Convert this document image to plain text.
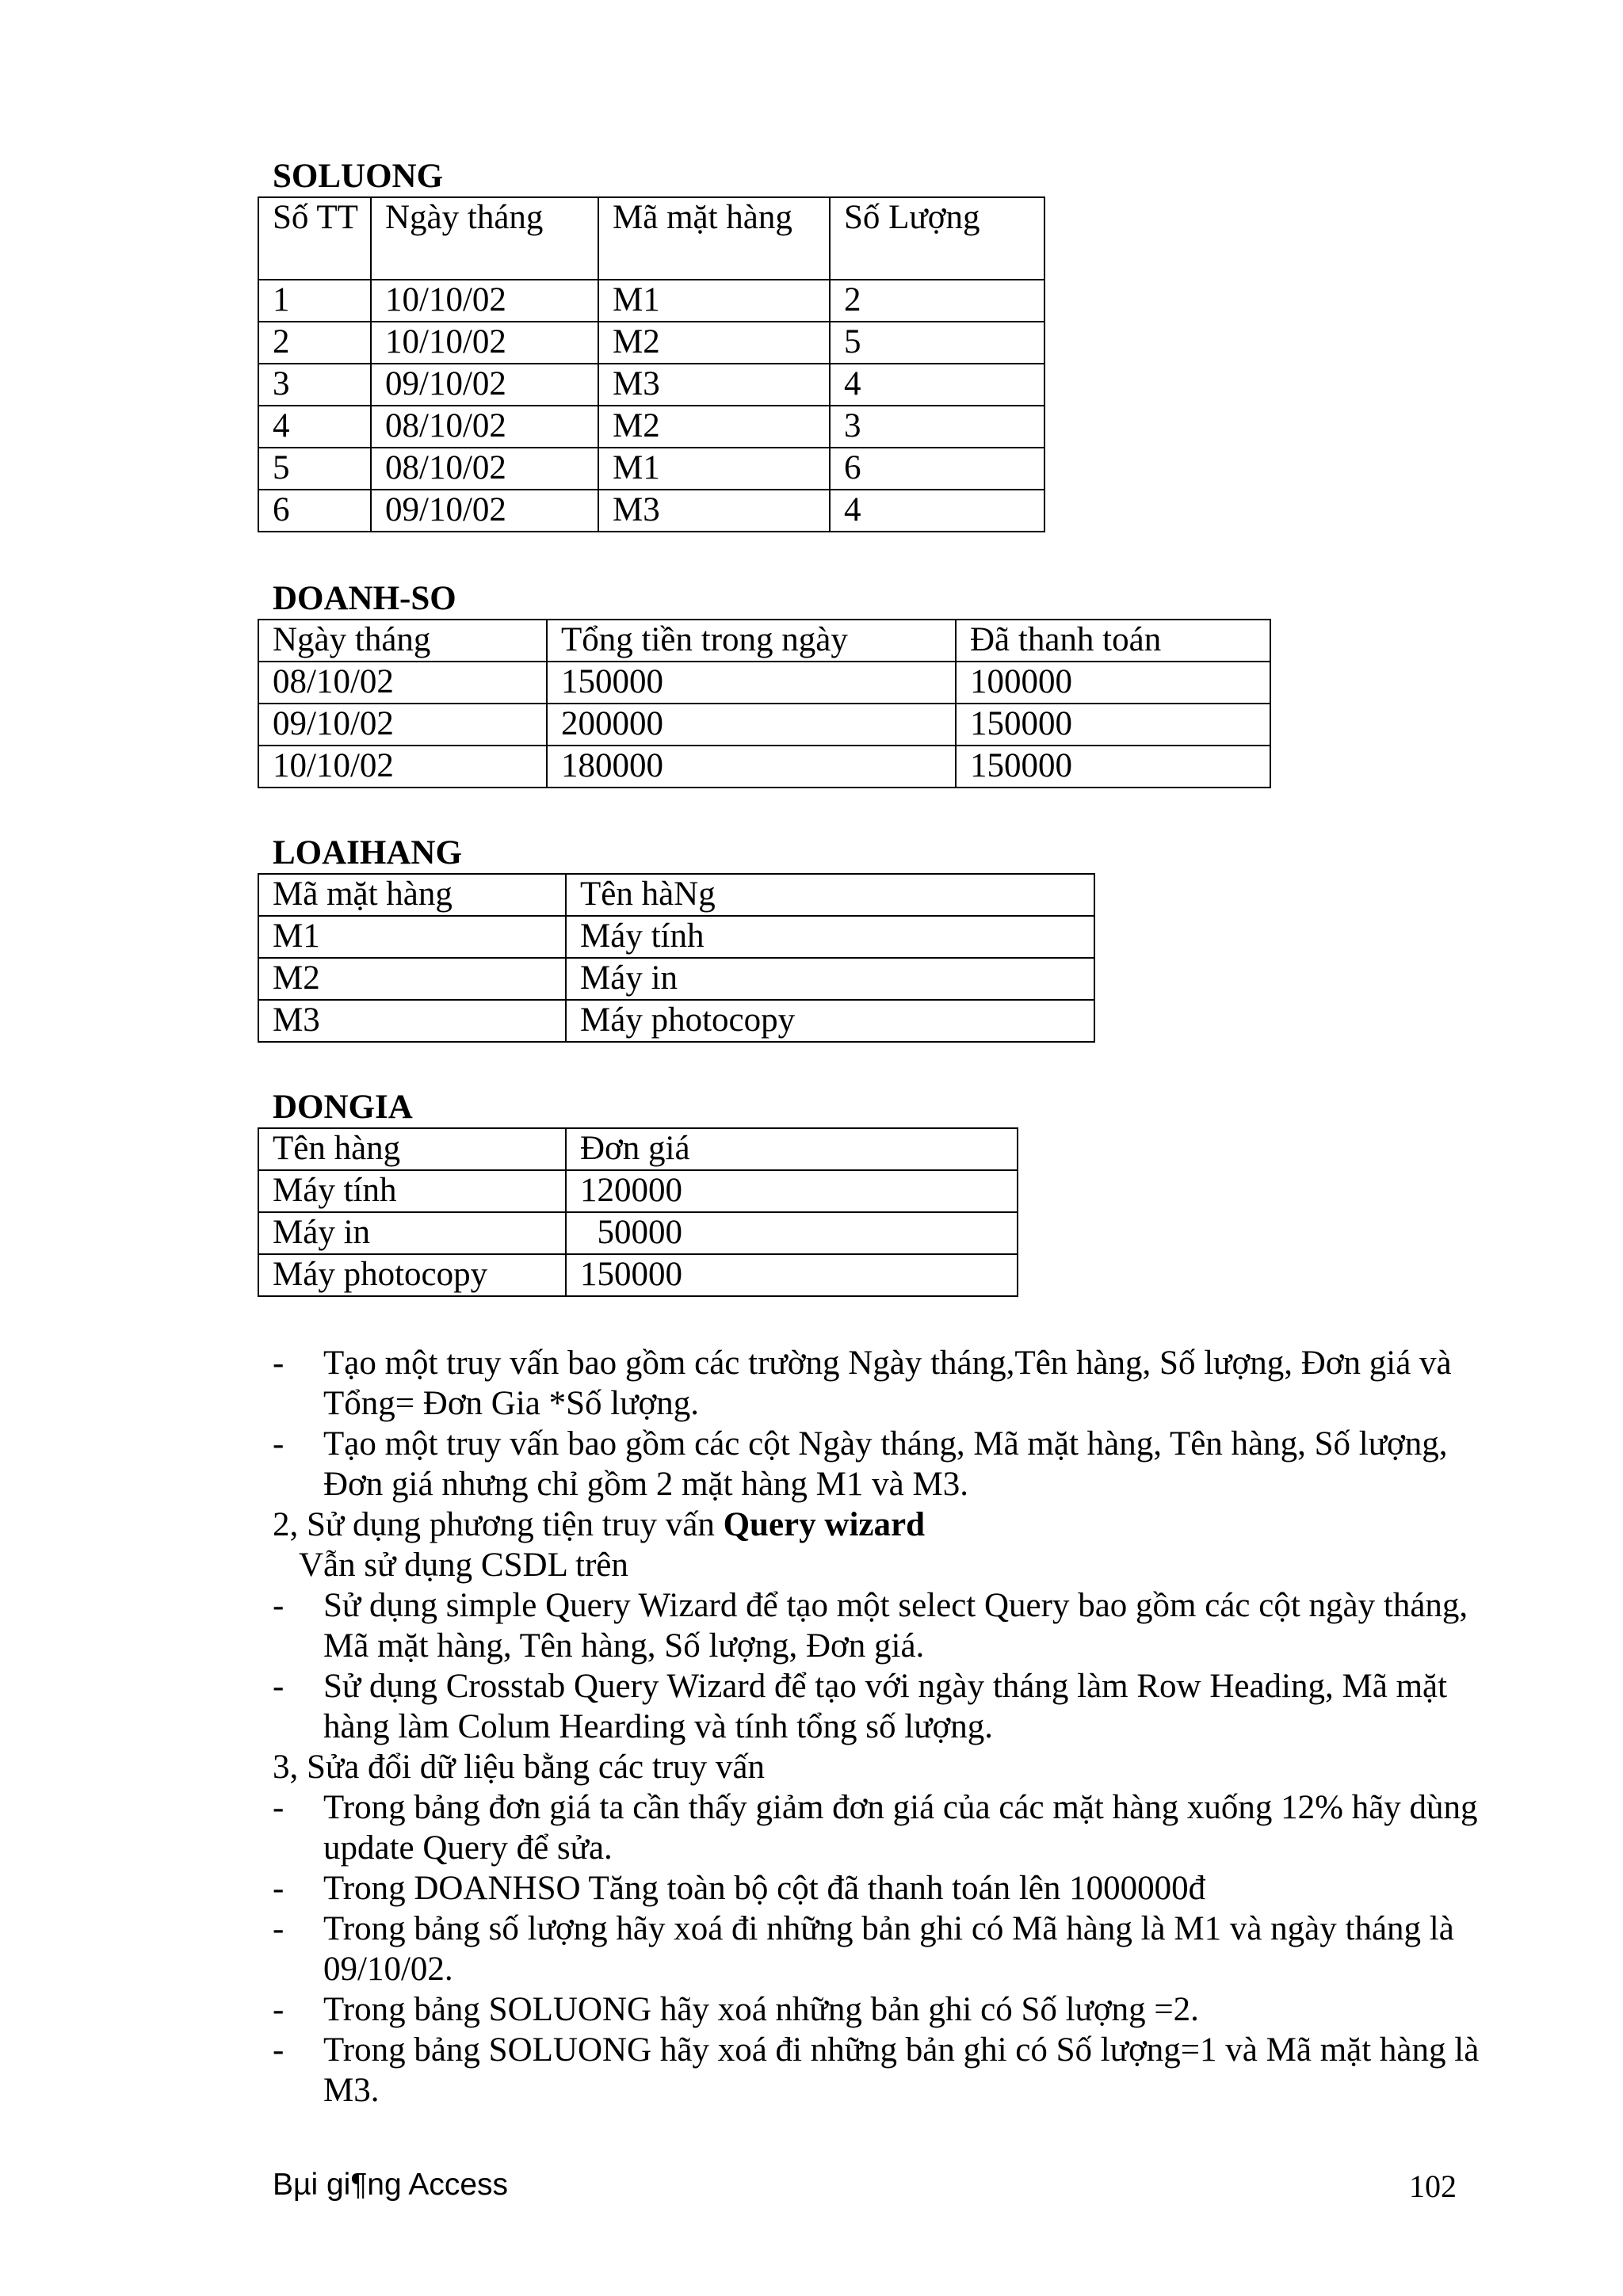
SOLUONG
Số TT	Ngày tháng	Mã mặt hàng	Số Lượng
1	10/10/02	M1	2
2	10/10/02	M2	5
3	09/10/02	M3	4
4	08/10/02	M2	3
5	08/10/02	M1	6
6	09/10/02	M3	4
DOANH-SO
Ngày tháng	Tổng tiền trong ngày	Đã thanh toán
08/10/02	150000	100000
09/10/02	200000	150000
10/10/02	180000	150000
LOAIHANG
Mã mặt hàng	Tên hàNg
M1	Máy tính
M2	Máy in
M3	Máy photocopy
DONGIA
Tên hàng	Đơn giá
Máy tính	120000
Máy in	50000
Máy photocopy	150000
- Tạo một truy vấn bao gồm các trường Ngày tháng,Tên hàng, Số lượng, Đơn giá và Tổng= Đơn Gia *Số lượng.
- Tạo một truy vấn bao gồm các cột Ngày tháng, Mã mặt hàng, Tên hàng, Số lượng, Đơn giá nhưng chỉ gồm 2 mặt hàng M1 và M3.
2, Sử dụng phương tiện truy vấn Query wizard
Vẫn sử dụng CSDL trên
- Sử dụng simple Query Wizard để tạo một select Query bao gồm các cột ngày tháng, Mã mặt hàng, Tên hàng, Số lượng, Đơn giá.
- Sử dụng Crosstab Query Wizard để tạo với ngày tháng làm Row Heading, Mã mặt hàng làm Colum Hearding và tính tổng số lượng.
3, Sửa đổi dữ liệu bằng các truy vấn
- Trong bảng đơn giá ta cần thấy giảm đơn giá của các mặt hàng xuống 12% hãy dùng update Query để sửa.
- Trong DOANHSO Tăng toàn bộ cột đã thanh toán lên 1000000đ
- Trong bảng số lượng hãy xoá đi những bản ghi có Mã hàng là M1 và ngày tháng là 09/10/02.
- Trong bảng SOLUONG hãy xoá những bản ghi có Số lượng =2.
- Trong bảng SOLUONG hãy xoá đi những bản ghi có Số lượng=1 và Mã mặt hàng là M3.
Bµi gi¶ng Access	102
